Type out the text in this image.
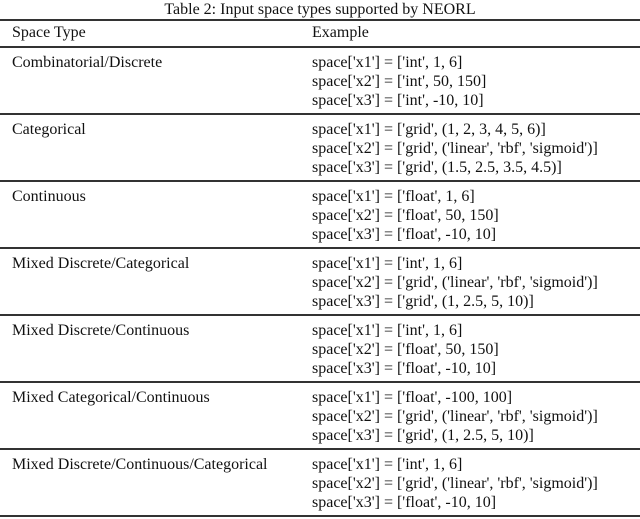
Table 2: Input space types supported by NEORL
Space Type	Example
Combinatorial/Discrete	space['x1'] = ['int', 1, 6]
space['x2'] = ['int', 50, 150]
space['x3'] = ['int', -10, 10]
Categorical	space['x1'] = ['grid', (1, 2, 3, 4, 5, 6)]
space['x2'] = ['grid', ('linear', 'rbf', 'sigmoid')]
space['x3'] = ['grid', (1.5, 2.5, 3.5, 4.5)]
Continuous	space['x1'] = ['float', 1, 6]
space['x2'] = ['float', 50, 150]
space['x3'] = ['float', -10, 10]
Mixed Discrete/Categorical	space['x1'] = ['int', 1, 6]
space['x2'] = ['grid', ('linear', 'rbf', 'sigmoid')]
space['x3'] = ['grid', (1, 2.5, 5, 10)]
Mixed Discrete/Continuous	space['x1'] = ['int', 1, 6]
space['x2'] = ['float', 50, 150]
space['x3'] = ['float', -10, 10]
Mixed Categorical/Continuous	space['x1'] = ['float', -100, 100]
space['x2'] = ['grid', ('linear', 'rbf', 'sigmoid')]
space['x3'] = ['grid', (1, 2.5, 5, 10)]
Mixed Discrete/Continuous/Categorical	space['x1'] = ['int', 1, 6]
space['x2'] = ['grid', ('linear', 'rbf', 'sigmoid')]
space['x3'] = ['float', -10, 10]
